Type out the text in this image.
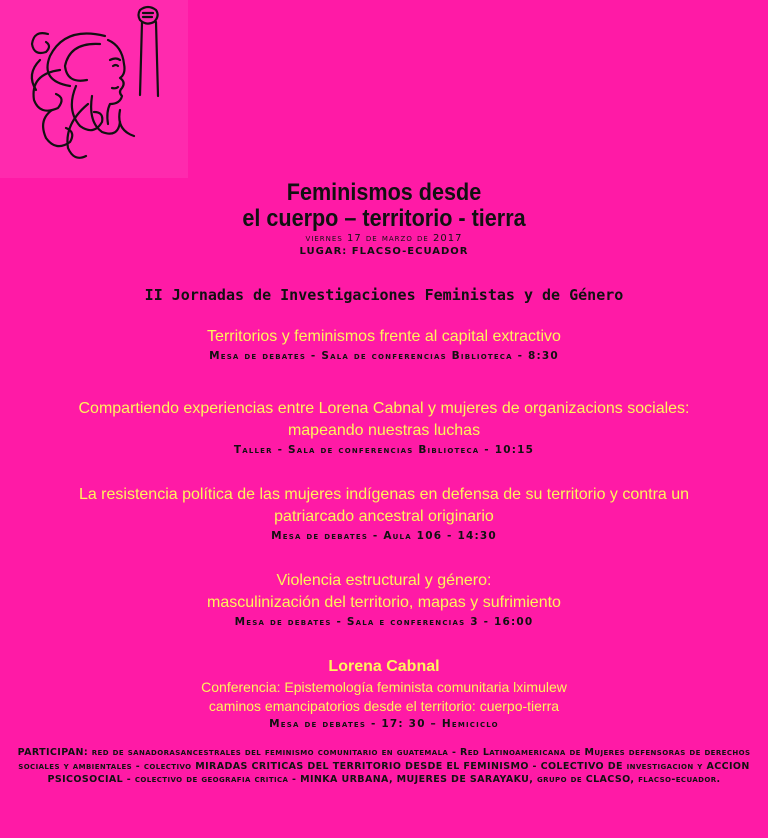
Feminismos desde
el cuerpo – territorio - tierra
viernes 17 de marzo de 2017
LUGAR: FLACSO-ECUADOR
II Jornadas de Investigaciones Feministas y de Género
Territorios y feminismos frente al capital extractivo
Mesa de debates - Sala de conferencias Biblioteca - 8:30
Compartiendo experiencias entre Lorena Cabnal y mujeres de organizacions sociales:
mapeando nuestras luchas
Taller - Sala de conferencias Biblioteca - 10:15
La resistencia política de las mujeres indígenas en defensa de su territorio y contra un
patriarcado ancestral originario
Mesa de debates - Aula 106 - 14:30
Violencia estructural y género:
masculinización del territorio, mapas y sufrimiento
Mesa de debates - Sala e conferencias 3 - 16:00
Lorena Cabnal
Conferencia: Epistemología feminista comunitaria lximulew
caminos emancipatorios desde el territorio: cuerpo-tierra
Mesa de debates - 17: 30 – Hemiciclo
PARTICIPAN: red de sanadorasancestrales del feminismo comunitario en guatemala - Red Latinoamericana de Mujeres defensoras de derechos sociales y ambientales - colectivo MIRADAS CRITICAS DEL TERRITORIO DESDE EL FEMINISMO - COLECTIVO DE investigacion y ACCION PSICOSOCIAL - colectivo de geografia critica - MINKA URBANA, MUJERES DE SARAYAKU, grupo de CLACSO, flacso-ecuador.
